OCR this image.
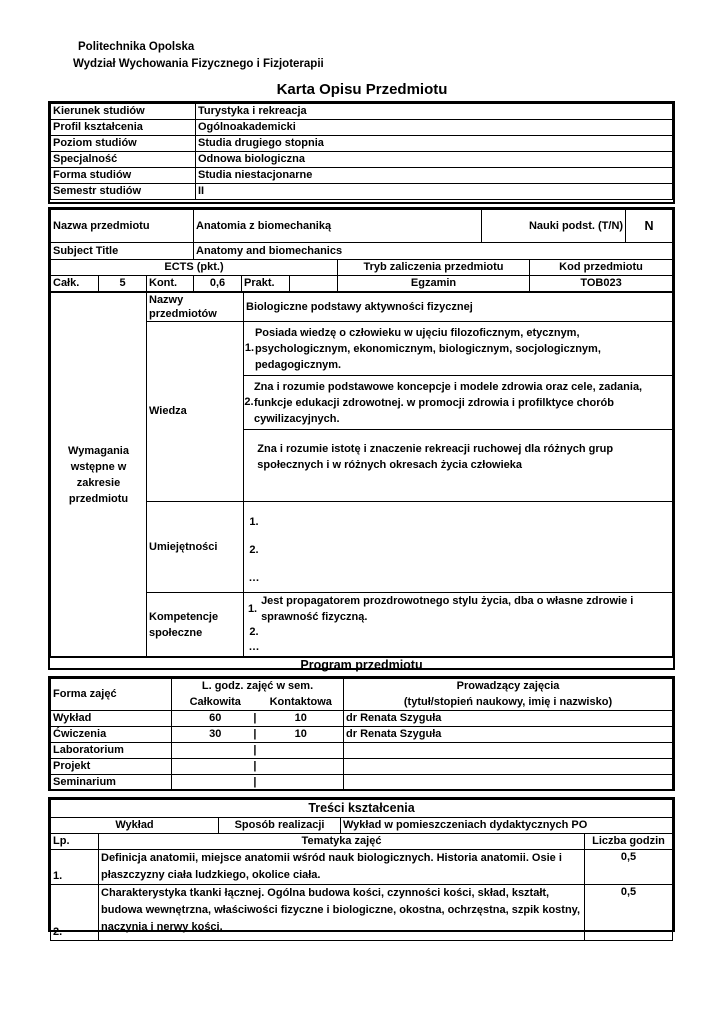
Politechnika Opolska
Wydział Wychowania Fizycznego i Fizjoterapii
Karta Opisu Przedmiotu
Kierunek studiów	Turystyka i rekreacja
Profil kształcenia	Ogólnoakademicki
Poziom studiów	Studia drugiego stopnia
Specjalność	Odnowa biologiczna
Forma studiów	Studia niestacjonarne
Semestr studiów	II
Nazwa przedmiotu			Anatomia z biomechaniką				Nauki podst. (T/N)		N
Subject Title			Anatomy and biomechanics						
ECTS (pkt.)						Tryb zaliczenia przedmiotu		Kod przedmiotu	
Całk.	5	Kont.	0,6	Prakt.		Egzamin		TOB023	
Wymagania wstępne w zakresie przedmiotu	Nazwy przedmiotów	Biologiczne podstawy aktywności fizycznej
	Wiedza	1.
Posiada wiedzę o człowieku w ujęciu filozoficznym, etycznym, psychologicznym, ekonomicznym, biologicznym, socjologicznym, pedagogicznym.
2.
Zna i rozumie podstawowe koncepcje i modele zdrowia oraz cele, zadania, funkcje edukacji zdrowotnej. w promocji zdrowia i profilktyce chorób cywilizacyjnych.
Zna i rozumie istotę i znaczenie rekreacji ruchowej dla różnych grup społecznych i w różnych okresach życia człowieka

	Umiejętności	1.
2.
…

	Kompetencje społeczne	1.
Jest propagatorem prozdrowotnego stylu życia, dba o własne zdrowie i sprawność fizyczną.
2.
…
Program przedmiotu
Forma zajęć	L. godz. zajęć w sem.		Prowadzący zajęcia
	Całkowita	Kontaktowa	(tytuł/stopień naukowy, imię i nazwisko)
Wykład	60 |	10	dr Renata Szyguła
Ćwiczenia	30 |	10	dr Renata Szyguła
Laboratorium	|		

Projekt	|		

Seminarium	|		

Treści kształcenia				
Wykład		Sposób realizacji	Wykład w pomieszczeniach dydaktycznych PO	
Lp.	Tematyka zajęć			Liczba godzin
1.	Definicja anatomii, miejsce anatomii wśród nauk biologicznych. Historia anatomii. Osie i płaszczyzny ciała ludzkiego, okolice ciała.			0,5
2.	Charakterystyka tkanki łącznej. Ogólna budowa kości, czynności kości, skład, kształt, budowa wewnętrzna, właściwości fizyczne i biologiczne, okostna, ochrzęstna, szpik kostny, naczynia i nerwy kości.			0,5
